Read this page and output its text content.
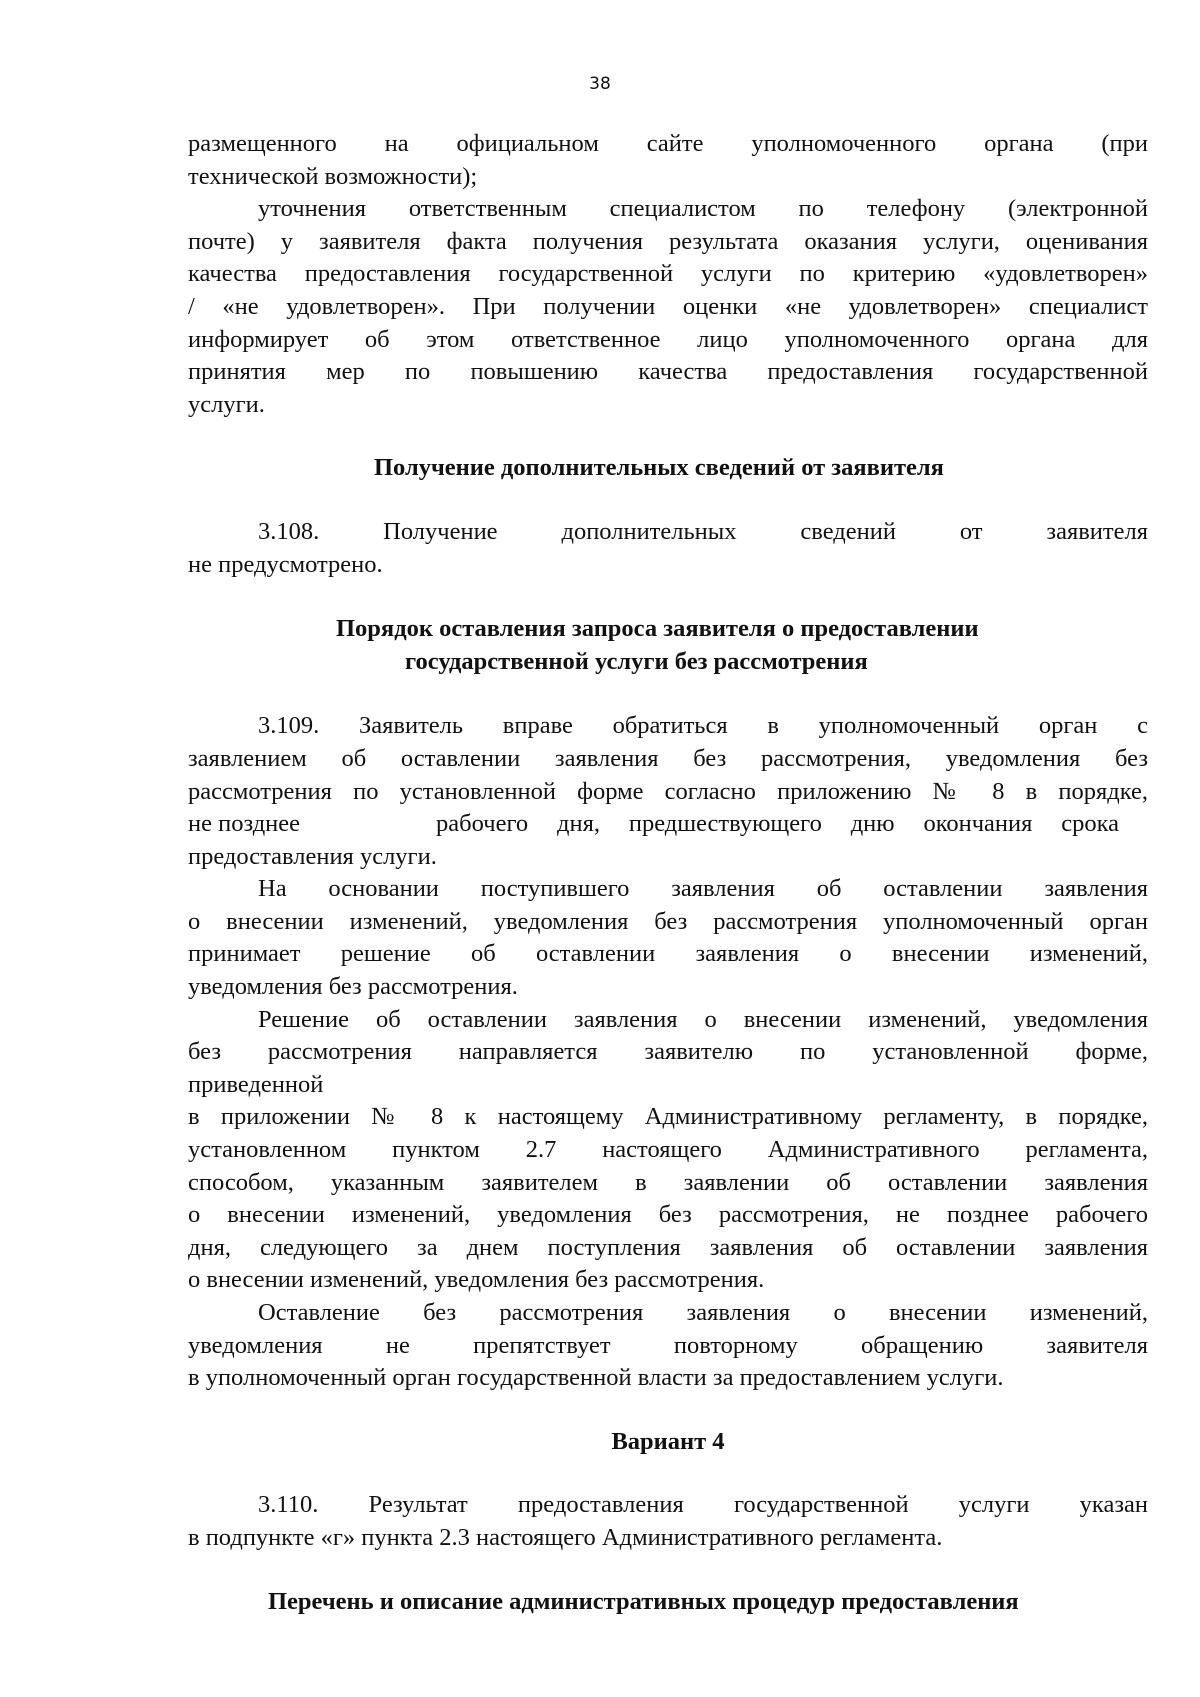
38
размещенного на официальном сайте уполномоченного органа (при
технической возможности);
уточнения ответственным специалистом по телефону (электронной
почте) у заявителя факта получения результата оказания услуги, оценивания
качества предоставления государственной услуги по критерию «удовлетворен»
/ «не удовлетворен». При получении оценки «не удовлетворен» специалист
информирует об этом ответственное лицо уполномоченного органа для
принятия мер по повышению качества предоставления государственной
услуги.
Получение дополнительных сведений от заявителя
3.108. Получение дополнительных сведений от заявителя
не предусмотрено.
Порядок оставления запроса заявителя о предоставлении
государственной услуги без рассмотрения
3.109. Заявитель вправе обратиться в уполномоченный орган с
заявлением об оставлении заявления без рассмотрения, уведомления без
рассмотрения по установленной форме согласно приложению № 8 в порядке,
не позднее	рабочего дня, предшествующего дню окончания срока
предоставления услуги.
На основании поступившего заявления об оставлении заявления
о внесении изменений, уведомления без рассмотрения уполномоченный орган
принимает решение об оставлении заявления о внесении изменений,
уведомления без рассмотрения.
Решение об оставлении заявления о внесении изменений, уведомления
без рассмотрения направляется заявителю по установленной форме,
приведенной
в приложении № 8 к настоящему Административному регламенту, в порядке,
установленном пунктом 2.7 настоящего Административного регламента,
способом, указанным заявителем в заявлении об оставлении заявления
о внесении изменений, уведомления без рассмотрения, не позднее рабочего
дня, следующего за днем поступления заявления об оставлении заявления
о внесении изменений, уведомления без рассмотрения.
Оставление без рассмотрения заявления о внесении изменений,
уведомления не препятствует повторному обращению заявителя
в уполномоченный орган государственной власти за предоставлением услуги.
Вариант 4
3.110. Результат предоставления государственной услуги указан
в подпункте «г» пункта 2.3 настоящего Административного регламента.
Перечень и описание административных процедур предоставления
